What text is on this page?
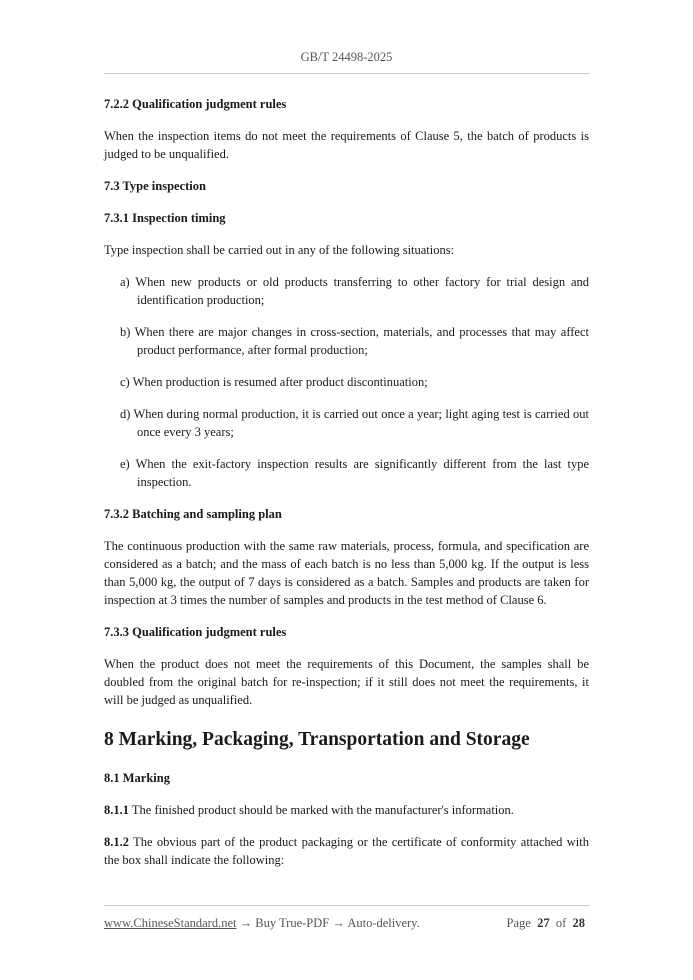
GB/T 24498-2025
7.2.2 Qualification judgment rules

When the inspection items do not meet the requirements of Clause 5, the batch of products is judged to be unqualified.

7.3 Type inspection
7.3.1 Inspection timing

Type inspection shall be carried out in any of the following situations:

a) When new products or old products transferring to other factory for trial design and identification production;
b) When there are major changes in cross-section, materials, and processes that may affect product performance, after formal production;
c) When production is resumed after product discontinuation;
d) When during normal production, it is carried out once a year; light aging test is carried out once every 3 years;
e) When the exit-factory inspection results are significantly different from the last type inspection.
7.3.2 Batching and sampling plan

The continuous production with the same raw materials, process, formula, and specification are considered as a batch; and the mass of each batch is no less than 5,000 kg. If the output is less than 5,000 kg, the output of 7 days is considered as a batch. Samples and products are taken for inspection at 3 times the number of samples and products in the test method of Clause 6.

7.3.3 Qualification judgment rules

When the product does not meet the requirements of this Document, the samples shall be doubled from the original batch for re-inspection; if it still does not meet the requirements, it will be judged as unqualified.

8 Marking, Packaging, Transportation and Storage
8.1 Marking

8.1.1 The finished product should be marked with the manufacturer's information.

8.1.2 The obvious part of the product packaging or the certificate of conformity attached with the box shall indicate the following:

www.ChineseStandard.net → Buy True-PDF → Auto-delivery.	Page 27 of 28
